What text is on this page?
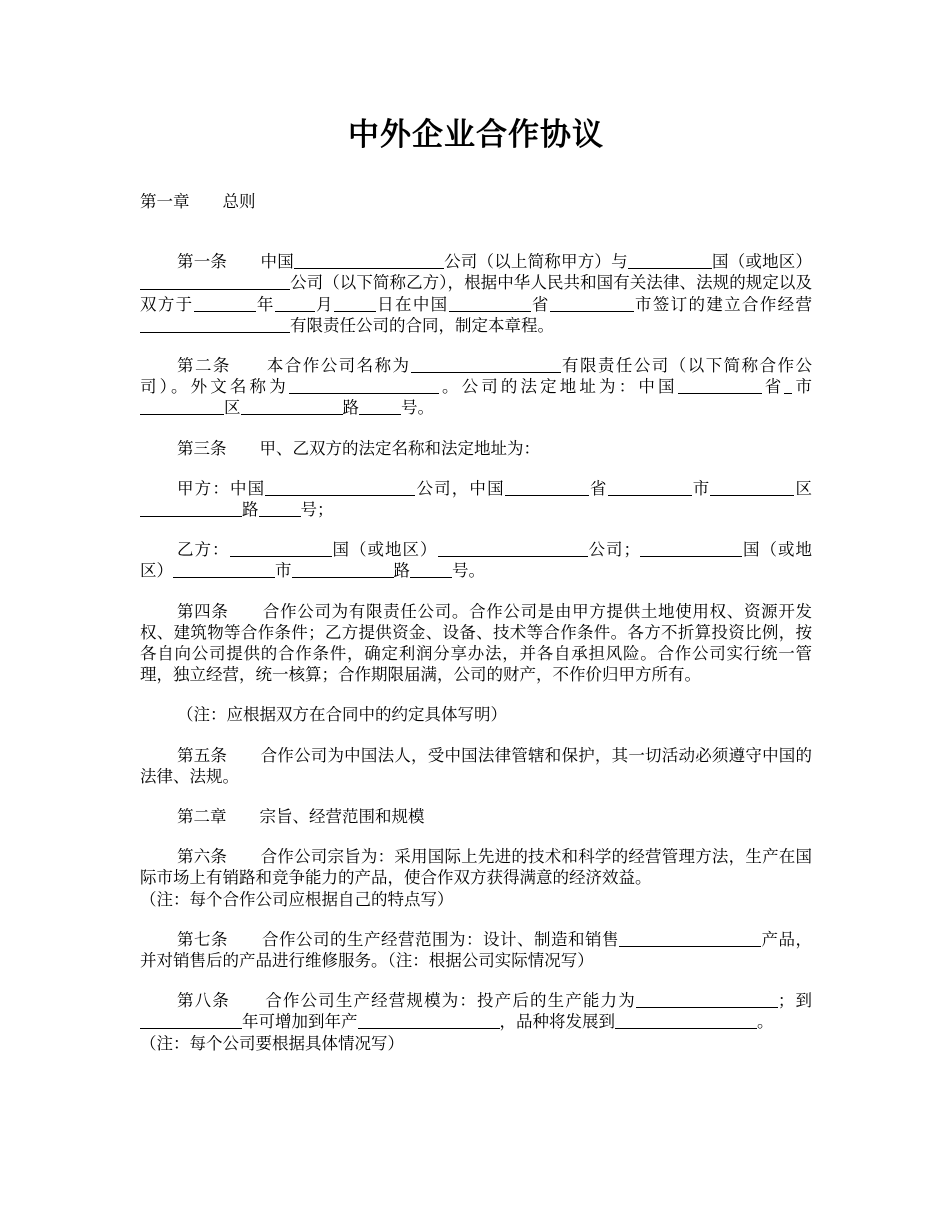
中外企业合作协议

第一章　　总则

第一条　　中国	公司（以上简称甲方）与	国（或地区）公司（以下简称乙方），根据中华人民共和国有关法律、法规的规定以及双方于	年 月	日在中国	省	市签订的建立合作经营有限责任公司的合同，制定本章程。

第二条　　本合作公司名称为	有限责任公司（以下简称合作公司）。外文名称为	。公司的法定地址为：中国	省 市区	路	号。

第三条　　甲、乙双方的法定名称和法定地址为：

甲方：中国	公司，中国	省	市	区路	号；

乙方：	国（或地区）	公司；	国（或地区）	市	路	号。

第四条　　合作公司为有限责任公司。合作公司是由甲方提供土地使用权、资源开发权、建筑物等合作条件；乙方提供资金、设备、技术等合作条件。各方不折算投资比例，按各自向公司提供的合作条件，确定利润分享办法，并各自承担风险。合作公司实行统一管理，独立经营，统一核算；合作期限届满，公司的财产，不作价归甲方所有。

（注：应根据双方在合同中的约定具体写明）

第五条　　合作公司为中国法人，受中国法律管辖和保护，其一切活动必须遵守中国的法律、法规。

第二章　　宗旨、经营范围和规模

第六条　　合作公司宗旨为：采用国际上先进的技术和科学的经营管理方法，生产在国际市场上有销路和竞争能力的产品，使合作双方获得满意的经济效益。

（注：每个合作公司应根据自己的特点写）

第七条　　合作公司的生产经营范围为：设计、制造和销售	产品，并对销售后的产品进行维修服务。（注：根据公司实际情况写）

第八条　　合作公司生产经营规模为：投产后的生产能力为	；到年可增加到年产	，品种将发展到	。

（注：每个公司要根据具体情况写）
